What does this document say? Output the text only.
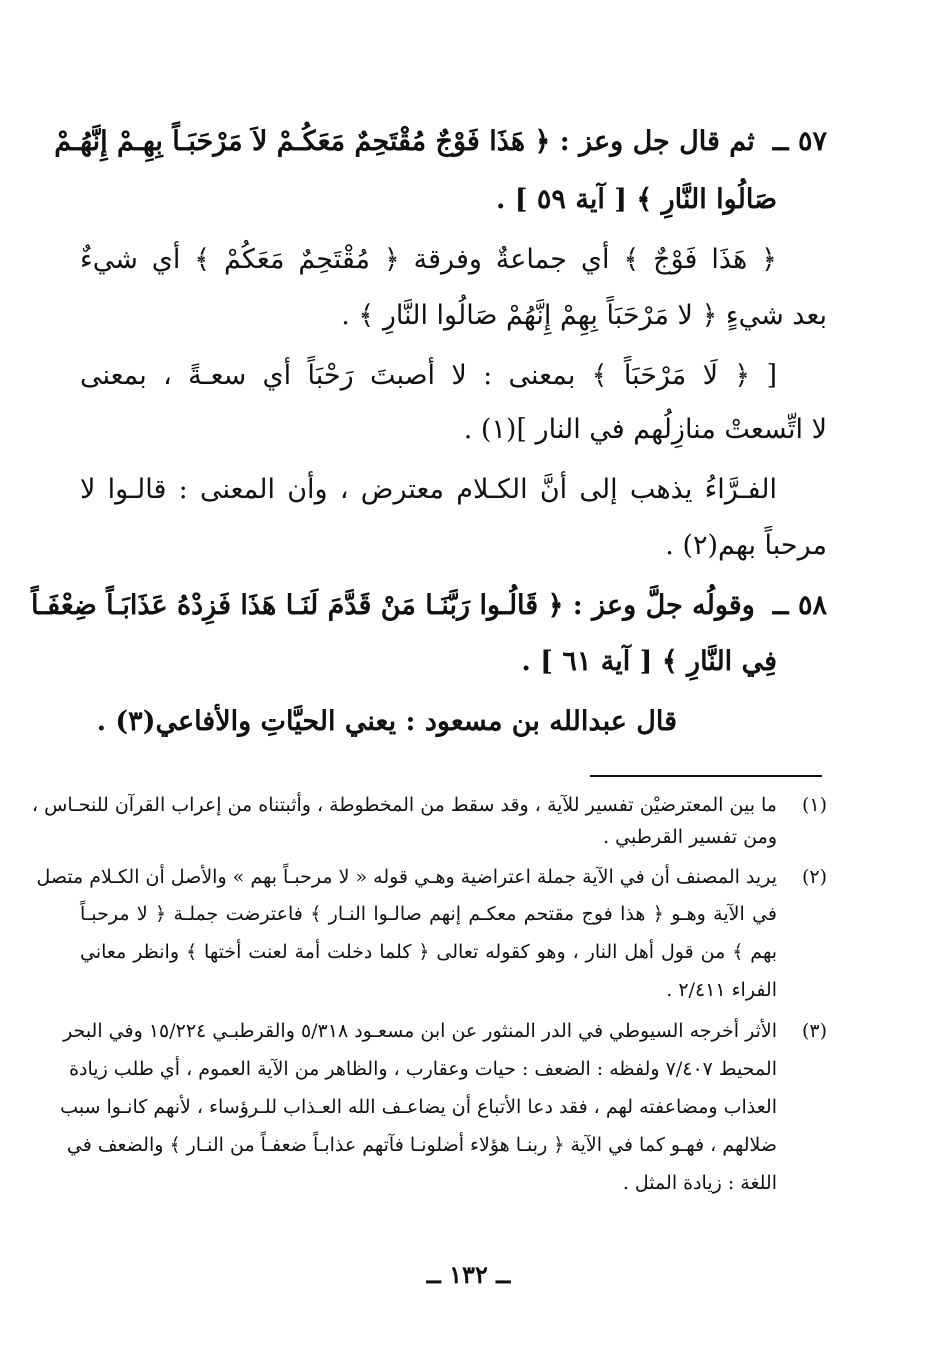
٥٧ ــثم قال جل وعز : ﴿ هَذَا فَوْجٌ مُقْتَحِمٌ مَعَكُـمْ لاَ مَرْحَبَـاً بِهِـمْ إِنَّهُـمْ
صَالُوا النَّارِ ﴾ [ آية ٥٩ ] .
﴿ هَذَا فَوْجٌ ﴾ أي جماعةٌ وفرقة ﴿ مُقْتَحِمٌ مَعَكُمْ ﴾ أي شيءٌ
بعد شيءٍ ﴿ لا مَرْحَبَاً بِهِمْ إِنَّهُمْ صَالُوا النَّارِ ﴾ .
[ ﴿ لَا مَرْحَبَاً ﴾ بمعنى : لا أصبتَ رَحْبَاً أي سعـةً ، بمعنى
لا اتِّسعتْ منازِلُهم في النار ](١) .
الفـرَّاءُ يذهب إلى أنَّ الكـلام معترض ، وأن المعنى : قالـوا لا
مرحباً بهم(٢) .
٥٨ ــوقولُه جلَّ وعز : ﴿ قَالُـوا رَبَّنَـا مَنْ قَدَّمَ لَنَـا هَذَا فَزِدْهُ عَذَابَـاً ضِعْفَـاً
فِي النَّارِ ﴾ [ آية ٦١ ] .
قال عبدالله بن مسعود : يعني الحيَّاتِ والأفاعي(٣) .
(١)
ما بين المعترضيْن تفسير للآية ، وقد سقط من المخطوطة ، وأثبتناه من إعراب القرآن للنحـاس ،
ومن تفسير القرطبي .
(٢)
يريد المصنف أن في الآية جملة اعتراضية وهـي قوله « لا مرحبـاً بهم » والأصل أن الكـلام متصل
في الآية وهـو ﴿ هذا فوج مقتحم معكـم إنهم صالـوا النـار ﴾ فاعترضت جملـة ﴿ لا مرحبـاً
بهم ﴾ من قول أهل النار ، وهو كقوله تعالى ﴿ كلما دخلت أمة لعنت أختها ﴾ وانظر معاني
الفراء ٢/٤١١ .
(٣)
الأثر أخرجه السيوطي في الدر المنثور عن ابن مسعـود ٥/٣١٨ والقرطبـي ١٥/٢٢٤ وفي البحر
المحيط ٧/٤٠٧ ولفظه : الضعف : حيات وعقارب ، والظاهر من الآية العموم ، أي طلب زيادة
العذاب ومضاعفته لهم ، فقد دعا الأتباع أن يضاعـف الله العـذاب للـرؤساء ، لأنهم كانـوا سبب
ضلالهم ، فهـو كما في الآية ﴿ ربنـا هؤلاء أضلونـا فآتهم عذابـاً ضعفـاً من النـار ﴾ والضعف في
اللغة : زيادة المثل .
ــ ١٣٢ ــ
